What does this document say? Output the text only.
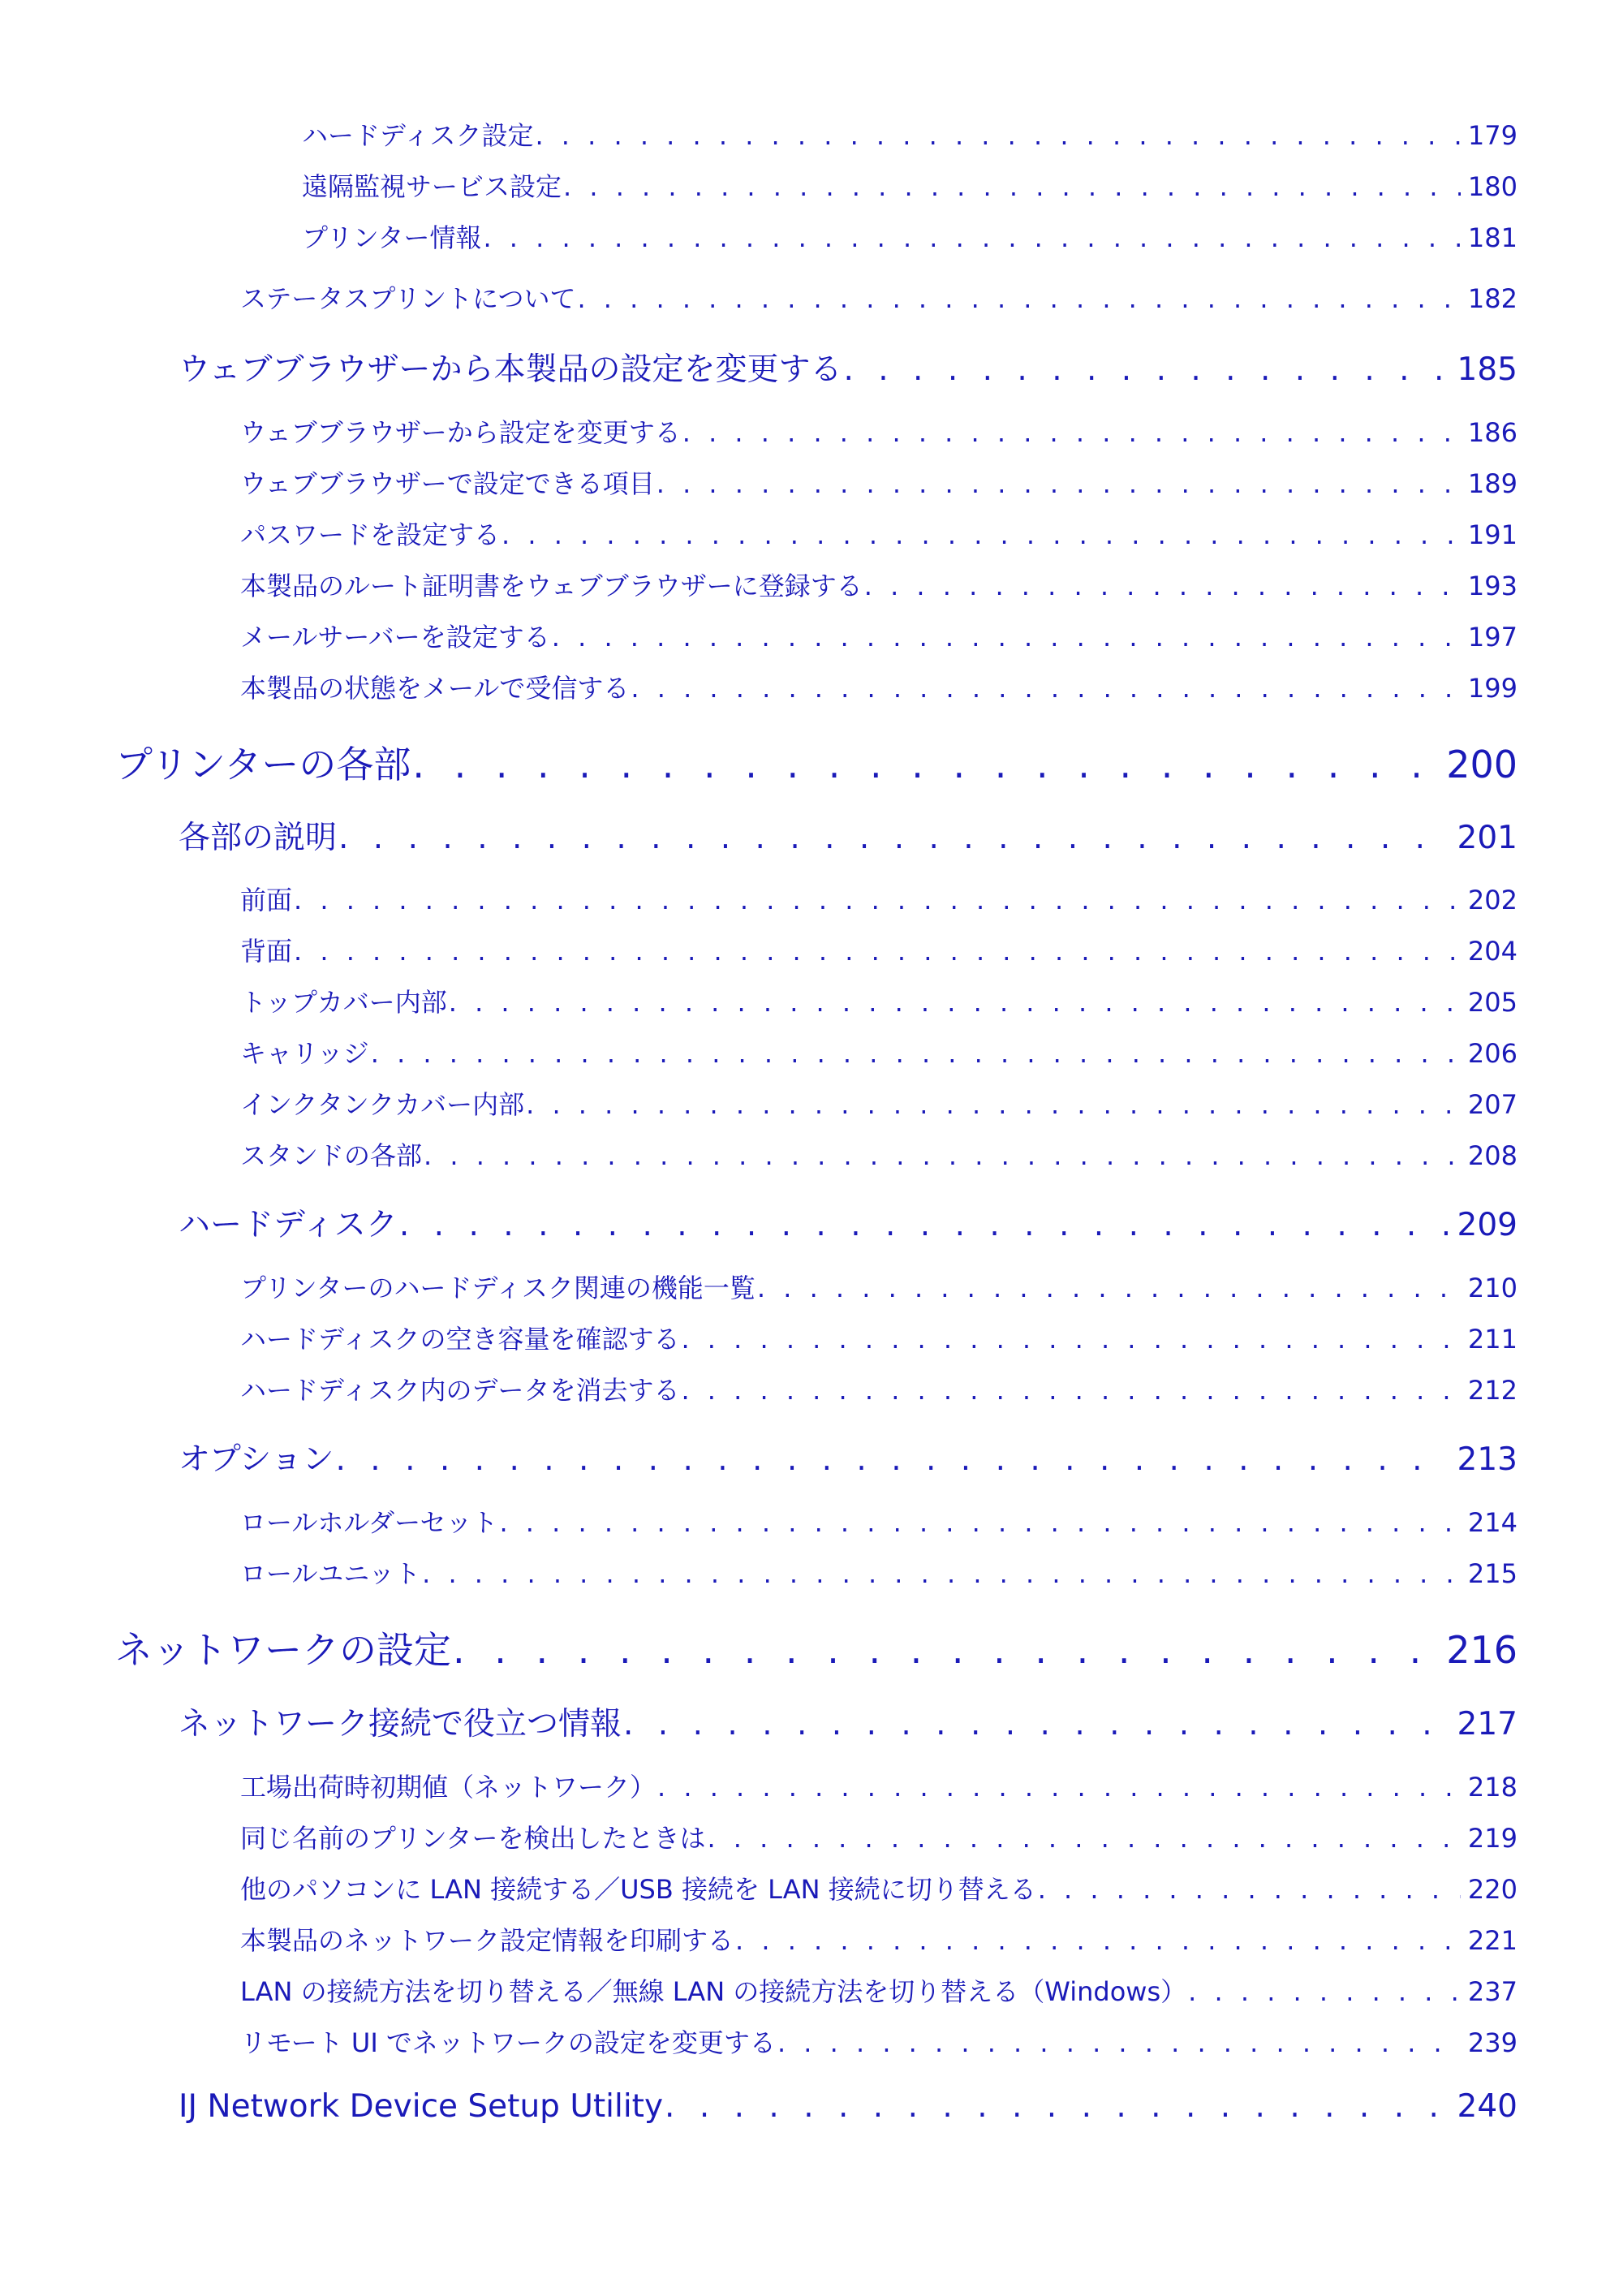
ハードディスク設定 . . .	179
遠隔監視サービス設定 . . .	180
プリンター情報 . . .	181
ステータスプリントについて . . .	182
ウェブブラウザーから本製品の設定を変更する . . .	185
ウェブブラウザーから設定を変更する . . .	186
ウェブブラウザーで設定できる項目 . . .	189
パスワードを設定する . . .	191
本製品のルート証明書をウェブブラウザーに登録する . . .	193
メールサーバーを設定する . . .	197
本製品の状態をメールで受信する . . .	199
プリンターの各部 . . .	200
各部の説明 . . .	201
前面 . . .	202
背面 . . .	204
トップカバー内部 . . .	205
キャリッジ . . .	206
インクタンクカバー内部 . . .	207
スタンドの各部 . . .	208
ハードディスク . . .	209
プリンターのハードディスク関連の機能一覧 . . .	210
ハードディスクの空き容量を確認する . . .	211
ハードディスク内のデータを消去する . . .	212
オプション . . .	213
ロールホルダーセット . . .	214
ロールユニット . . .	215
ネットワークの設定 . . .	216
ネットワーク接続で役立つ情報 . . .	217
工場出荷時初期値（ネットワーク） . . .	218
同じ名前のプリンターを検出したときは . . .	219
他のパソコンに LAN 接続する／USB 接続を LAN 接続に切り替える . . .	220
本製品のネットワーク設定情報を印刷する . . .	221
LAN の接続方法を切り替える／無線 LAN の接続方法を切り替える（Windows） . . .	237
リモート UI でネットワークの設定を変更する . . .	239
IJ Network Device Setup Utility . . .	240
